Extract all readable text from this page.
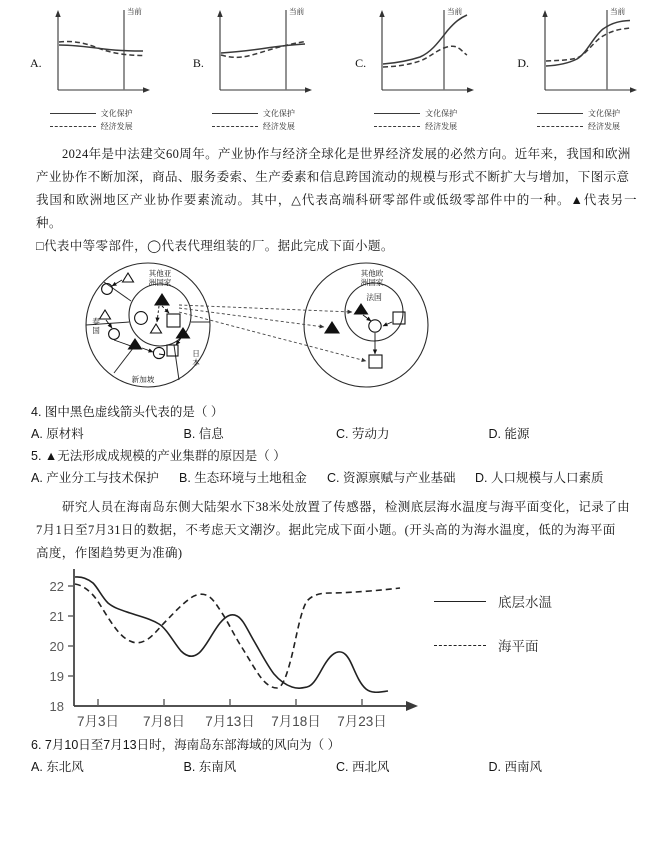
A.
当前
文化保护
经济发展
B.
当前
文化保护
经济发展
C.
当前
文化保护
经济发展
D.
当前
文化保护
经济发展
2024年是中法建交60周年。产业协作与经济全球化是世界经济发展的必然方向。近年来，我国和欧洲
产业协作不断加深，商品、服务委索、生产委素和信息跨国流动的规模与形式不断扩大与增加，下图示意
我国和欧洲地区产业协作要素流动。其中，△代表高端科研零部件或低级零部件中的一种。▲代表另一种。
□代表中等零部件，◯代表代理组装的厂。据此完成下面小题。
其他亚
洲国家
泰
国
新加坡
日
本
其他欧
洲国家
法国
4. 图中黑色虚线箭头代表的是（ ）
A. 原材料	B. 信息	C. 劳动力	D. 能源
5. ▲无法形成成规模的产业集群的原因是（ ）
A. 产业分工与技术保护	B. 生态环境与土地租金	C. 资源禀赋与产业基础	D. 人口规模与人口素质
研究人员在海南岛东侧大陆架水下38米处放置了传感器，检测底层海水温度与海平面变化，记录了由
7月1日至7月31日的数据，不考虑天文潮汐。据此完成下面小题。(开头高的为海水温度，低的为海平面
高度，作图趋势更为准确)
22
21
20
19
18
7月3日 7月8日 7月13日 7月18日 7月23日
底层水温
海平面
6. 7月10日至7月13日时，海南岛东部海域的风向为（ ）
A. 东北风	B. 东南风	C. 西北风	D. 西南风
